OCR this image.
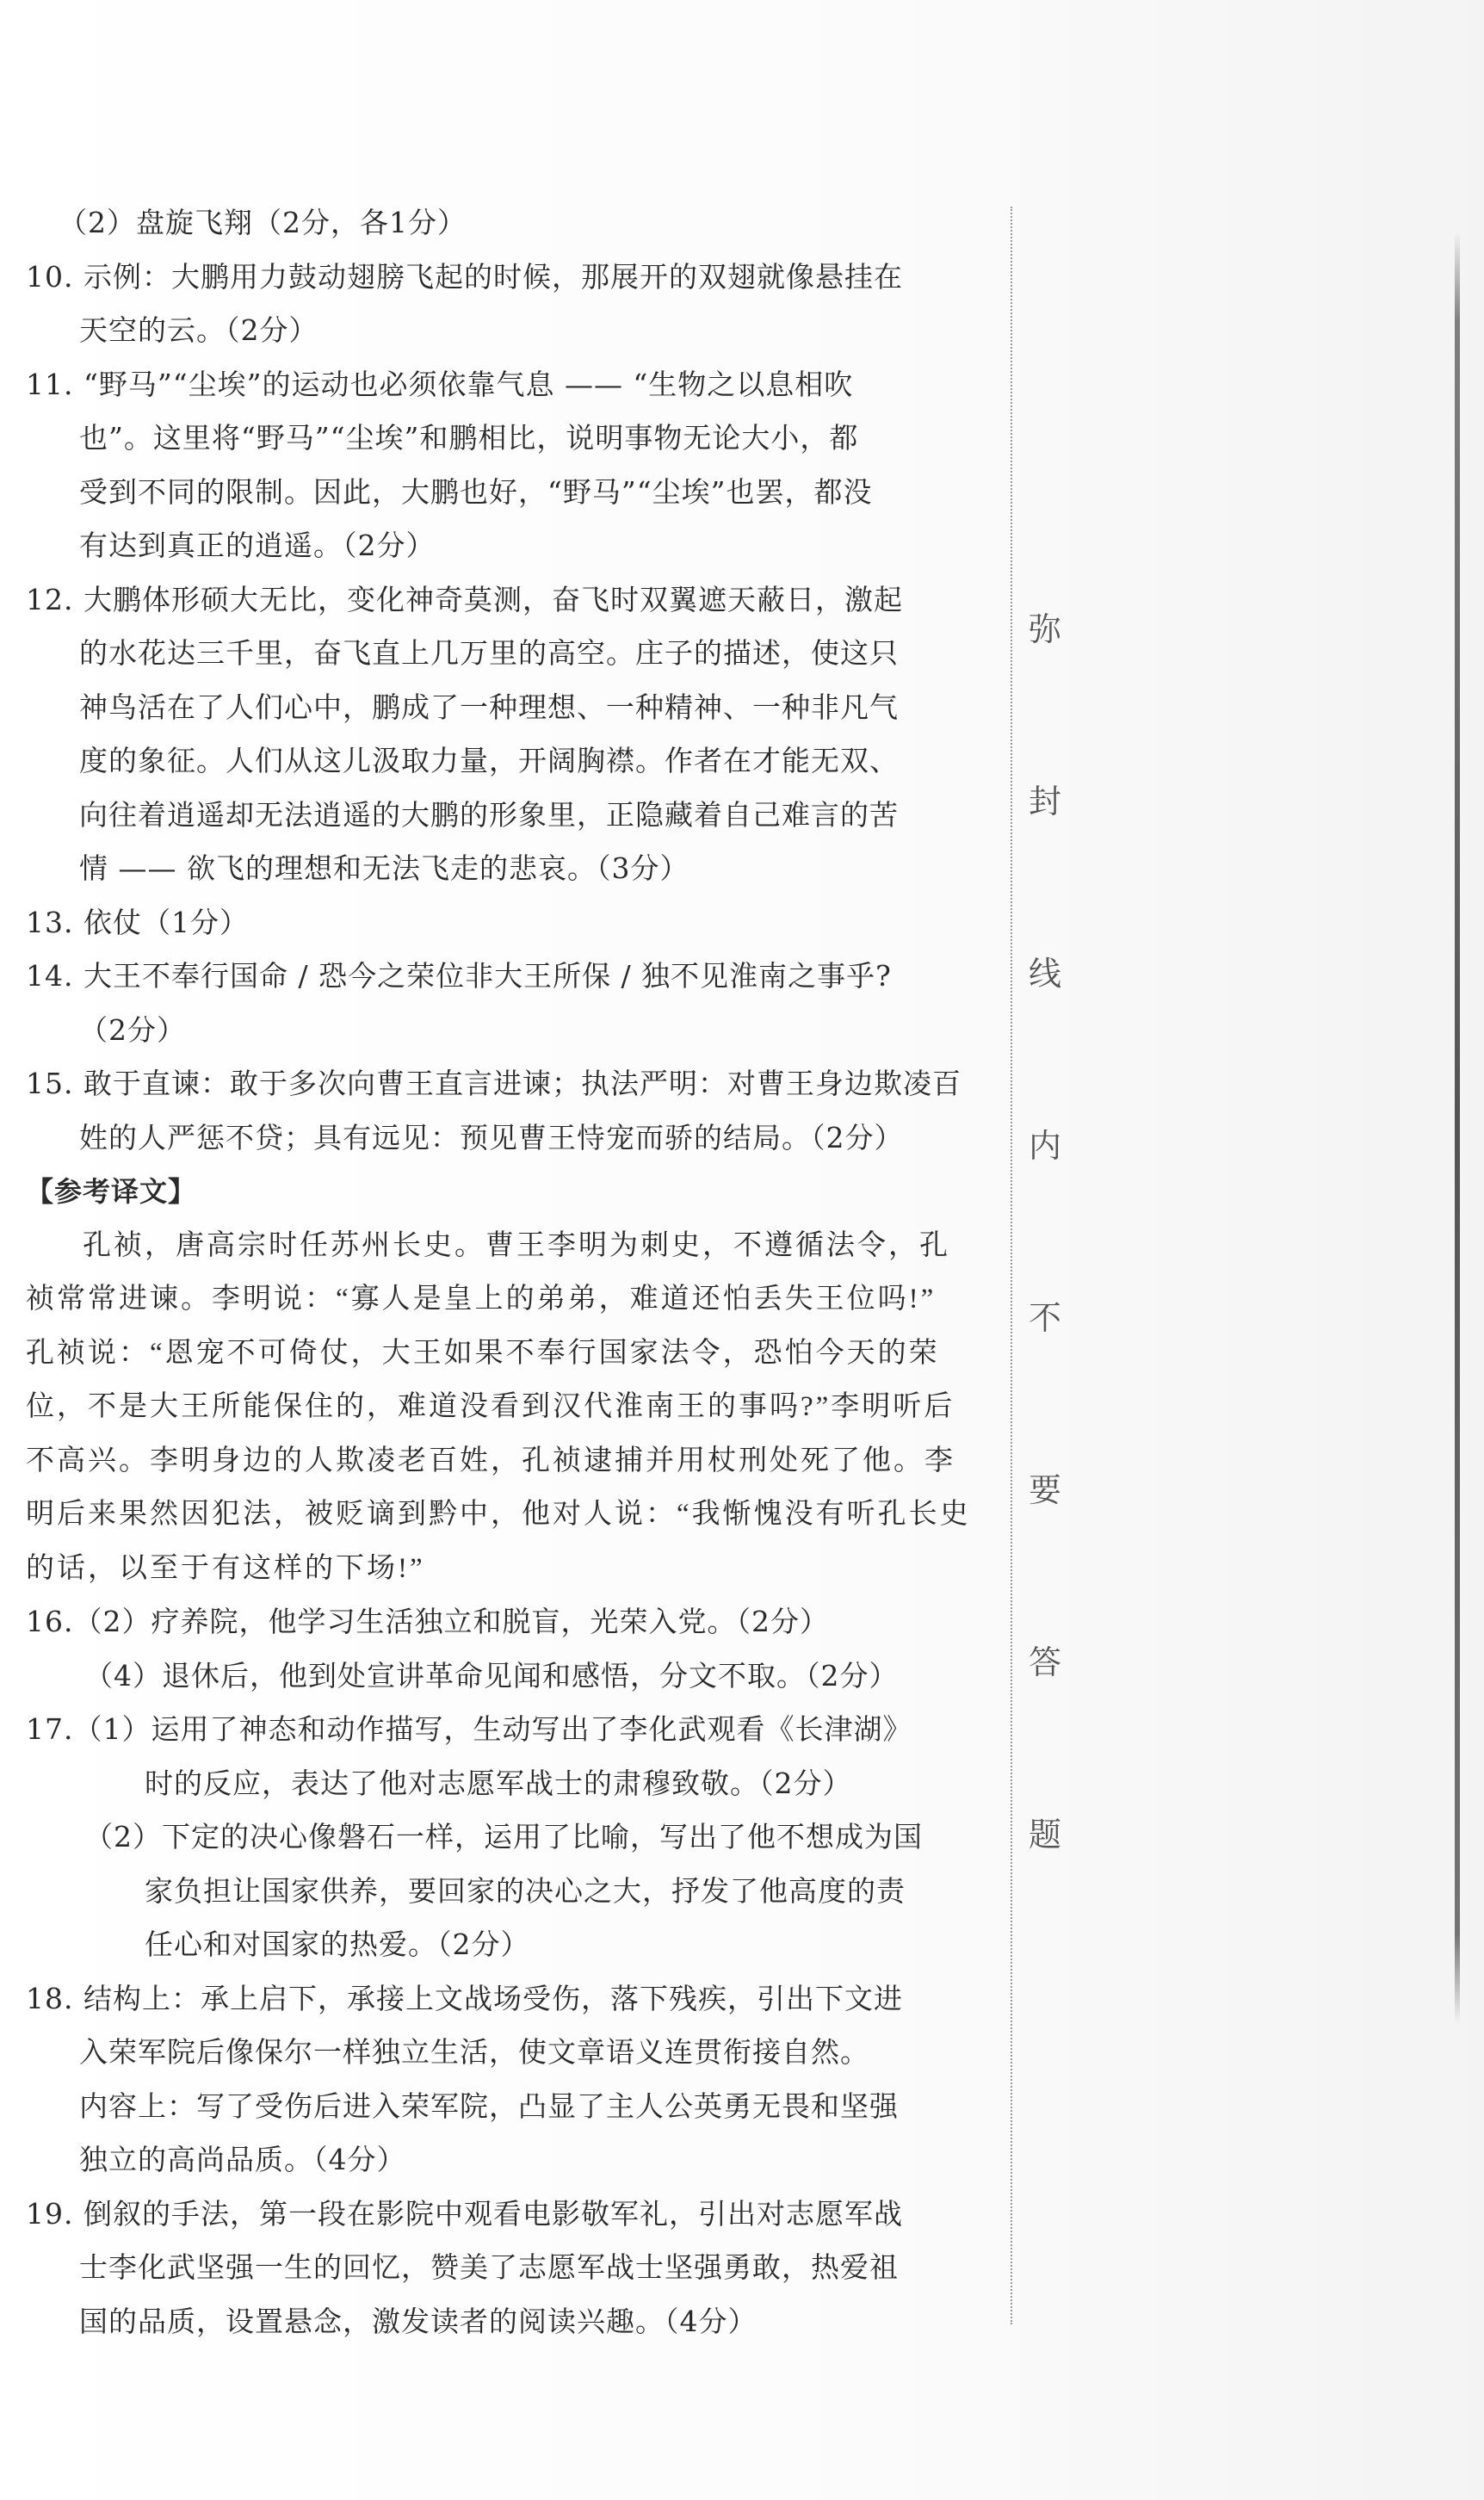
（2）盘旋飞翔（2分，各1分）
10. 示例：大鹏用力鼓动翅膀飞起的时候，那展开的双翅就像悬挂在
天空的云。（2分）
11. “野马”“尘埃”的运动也必须依靠气息 —— “生物之以息相吹
也”。这里将“野马”“尘埃”和鹏相比，说明事物无论大小，都
受到不同的限制。因此，大鹏也好，“野马”“尘埃”也罢，都没
有达到真正的逍遥。（2分）
12. 大鹏体形硕大无比，变化神奇莫测，奋飞时双翼遮天蔽日，激起
的水花达三千里，奋飞直上几万里的高空。庄子的描述，使这只
神鸟活在了人们心中，鹏成了一种理想、一种精神、一种非凡气
度的象征。人们从这儿汲取力量，开阔胸襟。作者在才能无双、
向往着逍遥却无法逍遥的大鹏的形象里，正隐藏着自己难言的苦
情 —— 欲飞的理想和无法飞走的悲哀。（3分）
13. 依仗（1分）
14. 大王不奉行国命 / 恐今之荣位非大王所保 / 独不见淮南之事乎?
（2分）
15. 敢于直谏：敢于多次向曹王直言进谏；执法严明：对曹王身边欺凌百
姓的人严惩不贷；具有远见：预见曹王恃宠而骄的结局。（2分）
【参考译文】
孔祯，唐高宗时任苏州长史。曹王李明为刺史，不遵循法令，孔
祯常常进谏。李明说：“寡人是皇上的弟弟，难道还怕丢失王位吗!”
孔祯说：“恩宠不可倚仗，大王如果不奉行国家法令，恐怕今天的荣
位，不是大王所能保住的，难道没看到汉代淮南王的事吗?”李明听后
不高兴。李明身边的人欺凌老百姓，孔祯逮捕并用杖刑处死了他。李
明后来果然因犯法，被贬谪到黔中，他对人说：“我惭愧没有听孔长史
的话，以至于有这样的下场!”
16.（2）疗养院，他学习生活独立和脱盲，光荣入党。（2分）
（4）退休后，他到处宣讲革命见闻和感悟，分文不取。（2分）
17.（1）运用了神态和动作描写，生动写出了李化武观看《长津湖》
时的反应，表达了他对志愿军战士的肃穆致敬。（2分）
（2）下定的决心像磐石一样，运用了比喻，写出了他不想成为国
家负担让国家供养，要回家的决心之大，抒发了他高度的责
任心和对国家的热爱。（2分）
18. 结构上：承上启下，承接上文战场受伤，落下残疾，引出下文进
入荣军院后像保尔一样独立生活，使文章语义连贯衔接自然。
内容上：写了受伤后进入荣军院，凸显了主人公英勇无畏和坚强
独立的高尚品质。（4分）
19. 倒叙的手法，第一段在影院中观看电影敬军礼，引出对志愿军战
士李化武坚强一生的回忆，赞美了志愿军战士坚强勇敢，热爱祖
国的品质，设置悬念，激发读者的阅读兴趣。（4分）
弥
封
线
内
不
要
答
题
